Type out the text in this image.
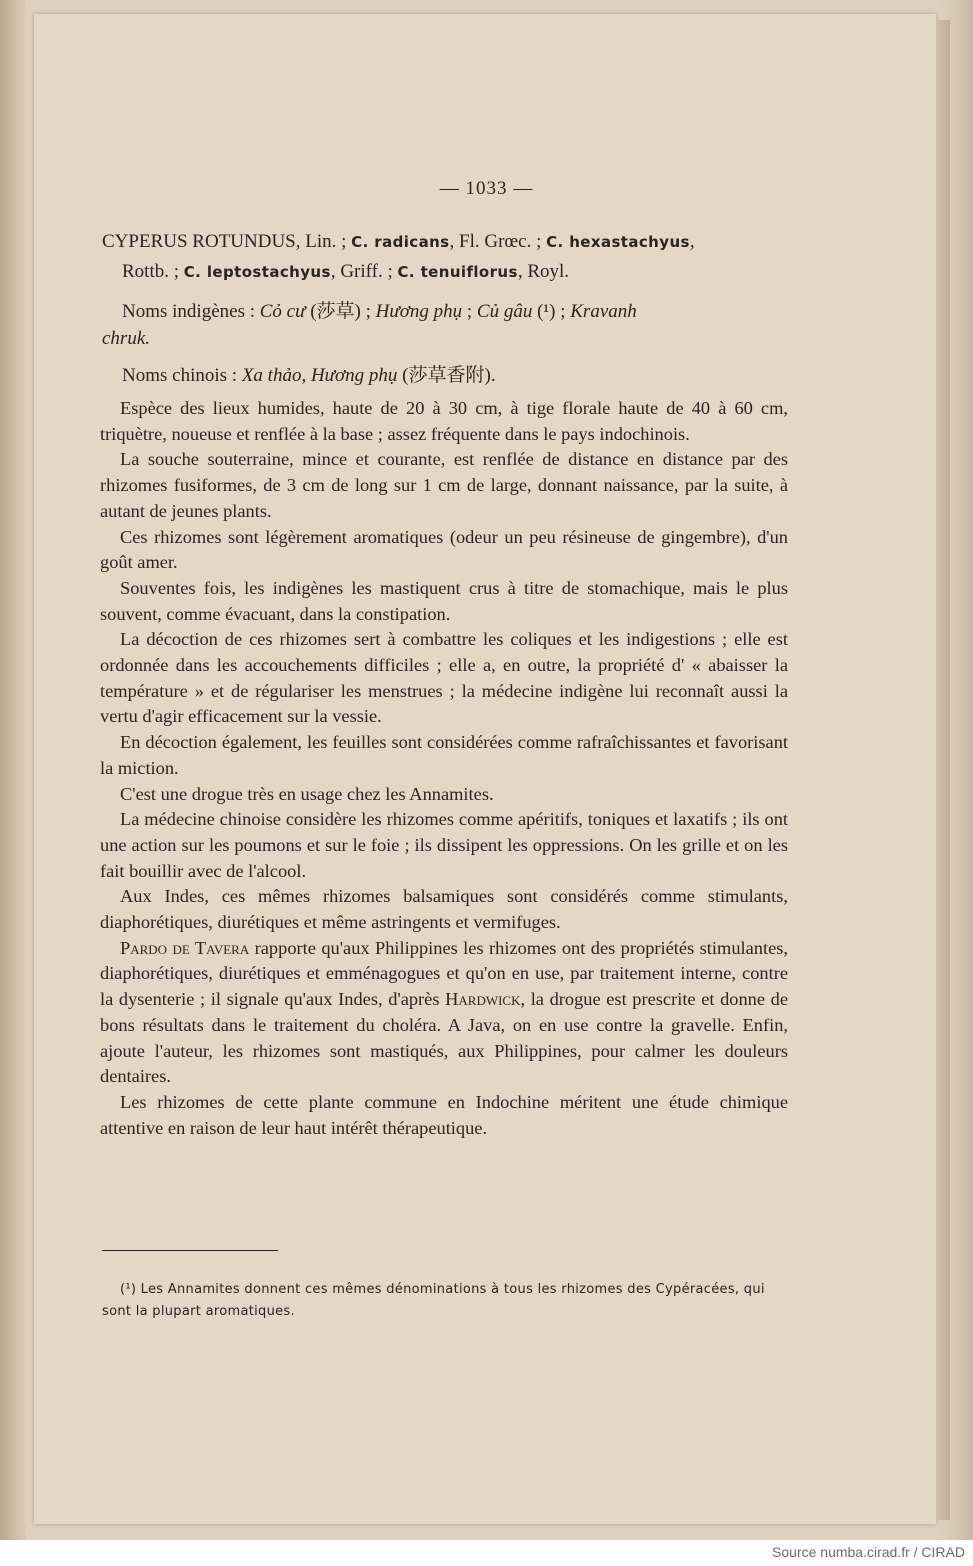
— 1033 —
CYPERUS ROTUNDUS, Lin. ; C. radicans, Fl. Grœc. ; C. hexastachyus,
Rottb. ; C. leptostachyus, Griff. ; C. tenuiflorus, Royl.
Noms indigènes : Cỏ cư (莎草) ; Hương phụ ; Củ gâu (¹) ; Kravanh
chruk.
Noms chinois : Xa thảo, Hương phụ (莎草香附).

Espèce des lieux humides, haute de 20 à 30 cm, à tige florale haute de 40 à 60 cm, triquètre, noueuse et renflée à la base ; assez fréquente dans le pays indochinois.

La souche souterraine, mince et courante, est renflée de distance en distance par des rhizomes fusiformes, de 3 cm de long sur 1 cm de large, donnant naissance, par la suite, à autant de jeunes plants.

Ces rhizomes sont légèrement aromatiques (odeur un peu résineuse de gingembre), d'un goût amer.

Souventes fois, les indigènes les mastiquent crus à titre de stomachique, mais le plus souvent, comme évacuant, dans la constipation.

La décoction de ces rhizomes sert à combattre les coliques et les indigestions ; elle est ordonnée dans les accouchements difficiles ; elle a, en outre, la propriété d' « abaisser la température » et de régulariser les menstrues ; la médecine indigène lui reconnaît aussi la vertu d'agir efficacement sur la vessie.

En décoction également, les feuilles sont considérées comme rafraîchissantes et favorisant la miction.

C'est une drogue très en usage chez les Annamites.

La médecine chinoise considère les rhizomes comme apéritifs, toniques et laxatifs ; ils ont une action sur les poumons et sur le foie ; ils dissipent les oppressions. On les grille et on les fait bouillir avec de l'alcool.

Aux Indes, ces mêmes rhizomes balsamiques sont considérés comme stimulants, diaphorétiques, diurétiques et même astringents et vermifuges.

Pardo de Tavera rapporte qu'aux Philippines les rhizomes ont des propriétés stimulantes, diaphorétiques, diurétiques et emménagogues et qu'on en use, par traitement interne, contre la dysenterie ; il signale qu'aux Indes, d'après Hardwick, la drogue est prescrite et donne de bons résultats dans le traitement du choléra. A Java, on en use contre la gravelle. Enfin, ajoute l'auteur, les rhizomes sont mastiqués, aux Philippines, pour calmer les douleurs dentaires.

Les rhizomes de cette plante commune en Indochine méritent une étude chimique attentive en raison de leur haut intérêt thérapeutique.

(¹) Les Annamites donnent ces mêmes dénominations à tous les rhizomes des Cypéracées, qui sont la plupart aromatiques.
Source numba.cirad.fr / CIRAD
